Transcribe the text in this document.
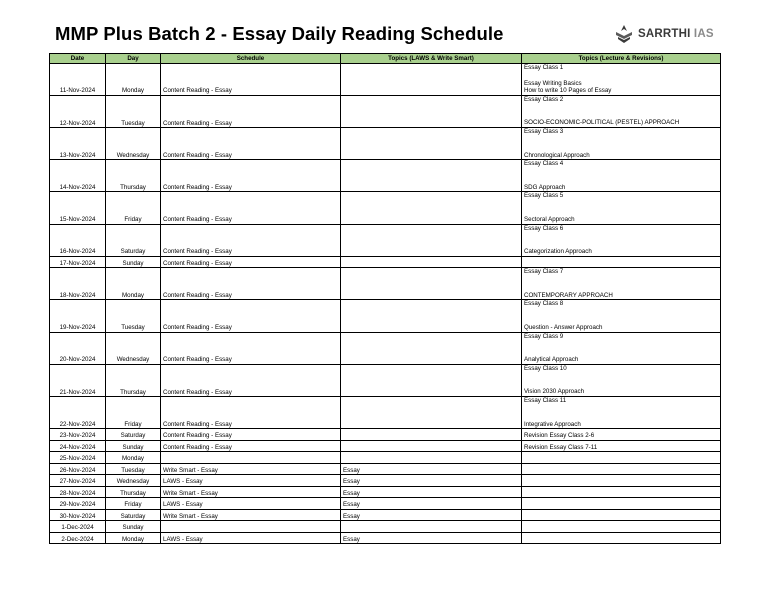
MMP Plus Batch 2 - Essay Daily Reading Schedule	SARRTHI IAS
Date	Day	Schedule	Topics (LAWS & Write Smart)	Topics (Lecture & Revisions)
11-Nov-2024	Monday	Content Reading - Essay		Essay Class 1
Essay Writing Basics
How to write 10 Pages of Essay

12-Nov-2024	Tuesday	Content Reading - Essay		Essay Class 2
SOCIO-ECONOMIC-POLITICAL (PESTEL) APPROACH

13-Nov-2024	Wednesday	Content Reading - Essay		Essay Class 3
Chronological Approach

14-Nov-2024	Thursday	Content Reading - Essay		Essay Class 4
SDG Approach

15-Nov-2024	Friday	Content Reading - Essay		Essay Class 5
Sectoral Approach

16-Nov-2024	Saturday	Content Reading - Essay		Essay Class 6
Categorization Approach

17-Nov-2024	Sunday	Content Reading - Essay		
18-Nov-2024	Monday	Content Reading - Essay		Essay Class 7
CONTEMPORARY APPROACH

19-Nov-2024	Tuesday	Content Reading - Essay		Essay Class 8
Question - Answer Approach

20-Nov-2024	Wednesday	Content Reading - Essay		Essay Class 9
Analytical Approach

21-Nov-2024	Thursday	Content Reading - Essay		Essay Class 10
Vision 2030 Approach

22-Nov-2024	Friday	Content Reading - Essay		Essay Class 11
Integrative Approach

23-Nov-2024	Saturday	Content Reading - Essay		Revision Essay Class 2-6
24-Nov-2024	Sunday	Content Reading - Essay		Revision Essay Class 7-11
25-Nov-2024	Monday			
26-Nov-2024	Tuesday	Write Smart - Essay	Essay	
27-Nov-2024	Wednesday	LAWS - Essay	Essay	
28-Nov-2024	Thursday	Write Smart - Essay	Essay	
29-Nov-2024	Friday	LAWS - Essay	Essay	
30-Nov-2024	Saturday	Write Smart - Essay	Essay	
1-Dec-2024	Sunday			
2-Dec-2024	Monday	LAWS - Essay	Essay	
